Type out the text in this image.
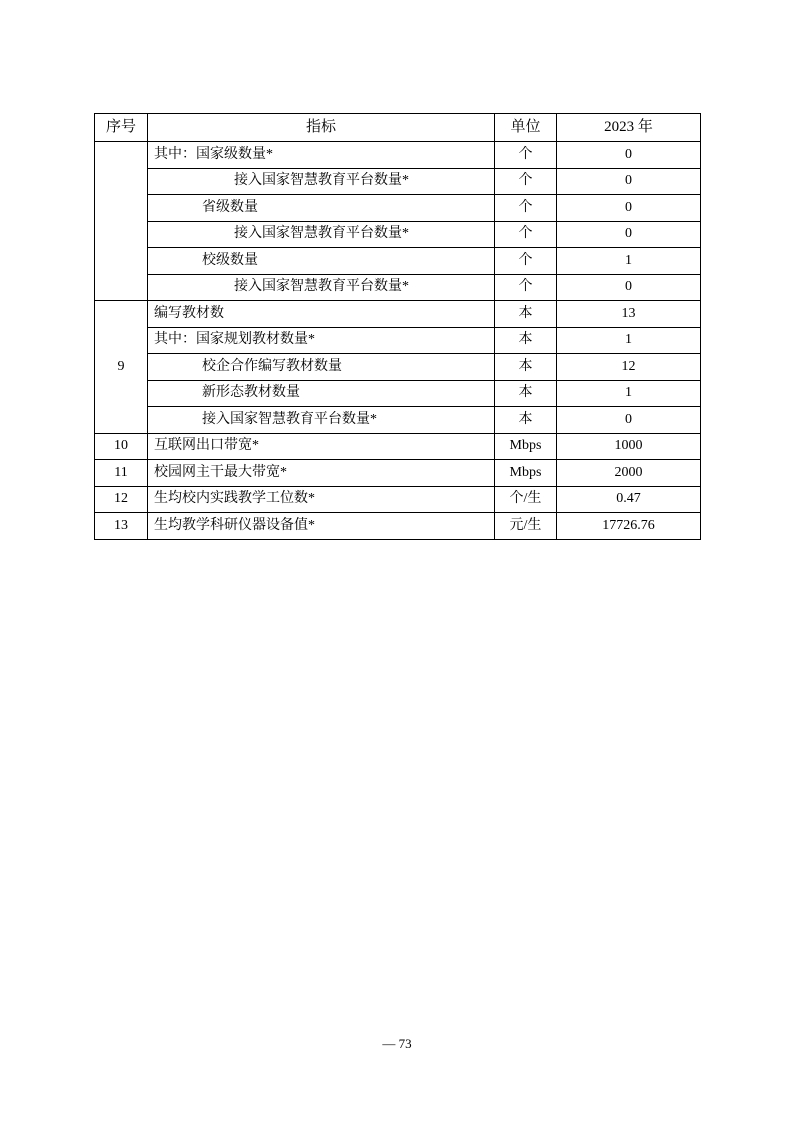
序号	指标	单位	2023 年
	其中：国家级数量*	个	0
	接入国家智慧教育平台数量*	个	0
	省级数量	个	0
	接入国家智慧教育平台数量*	个	0
	校级数量	个	1
	接入国家智慧教育平台数量*	个	0
9	编写教材数	本	13
	其中：国家规划教材数量*	本	1
	校企合作编写教材数量	本	12
	新形态教材数量	本	1
	接入国家智慧教育平台数量*	本	0
10	互联网出口带宽*	Mbps	1000
11	校园网主干最大带宽*	Mbps	2000
12	生均校内实践教学工位数*	个/生	0.47
13	生均教学科研仪器设备值*	元/生	17726.76
— 73
